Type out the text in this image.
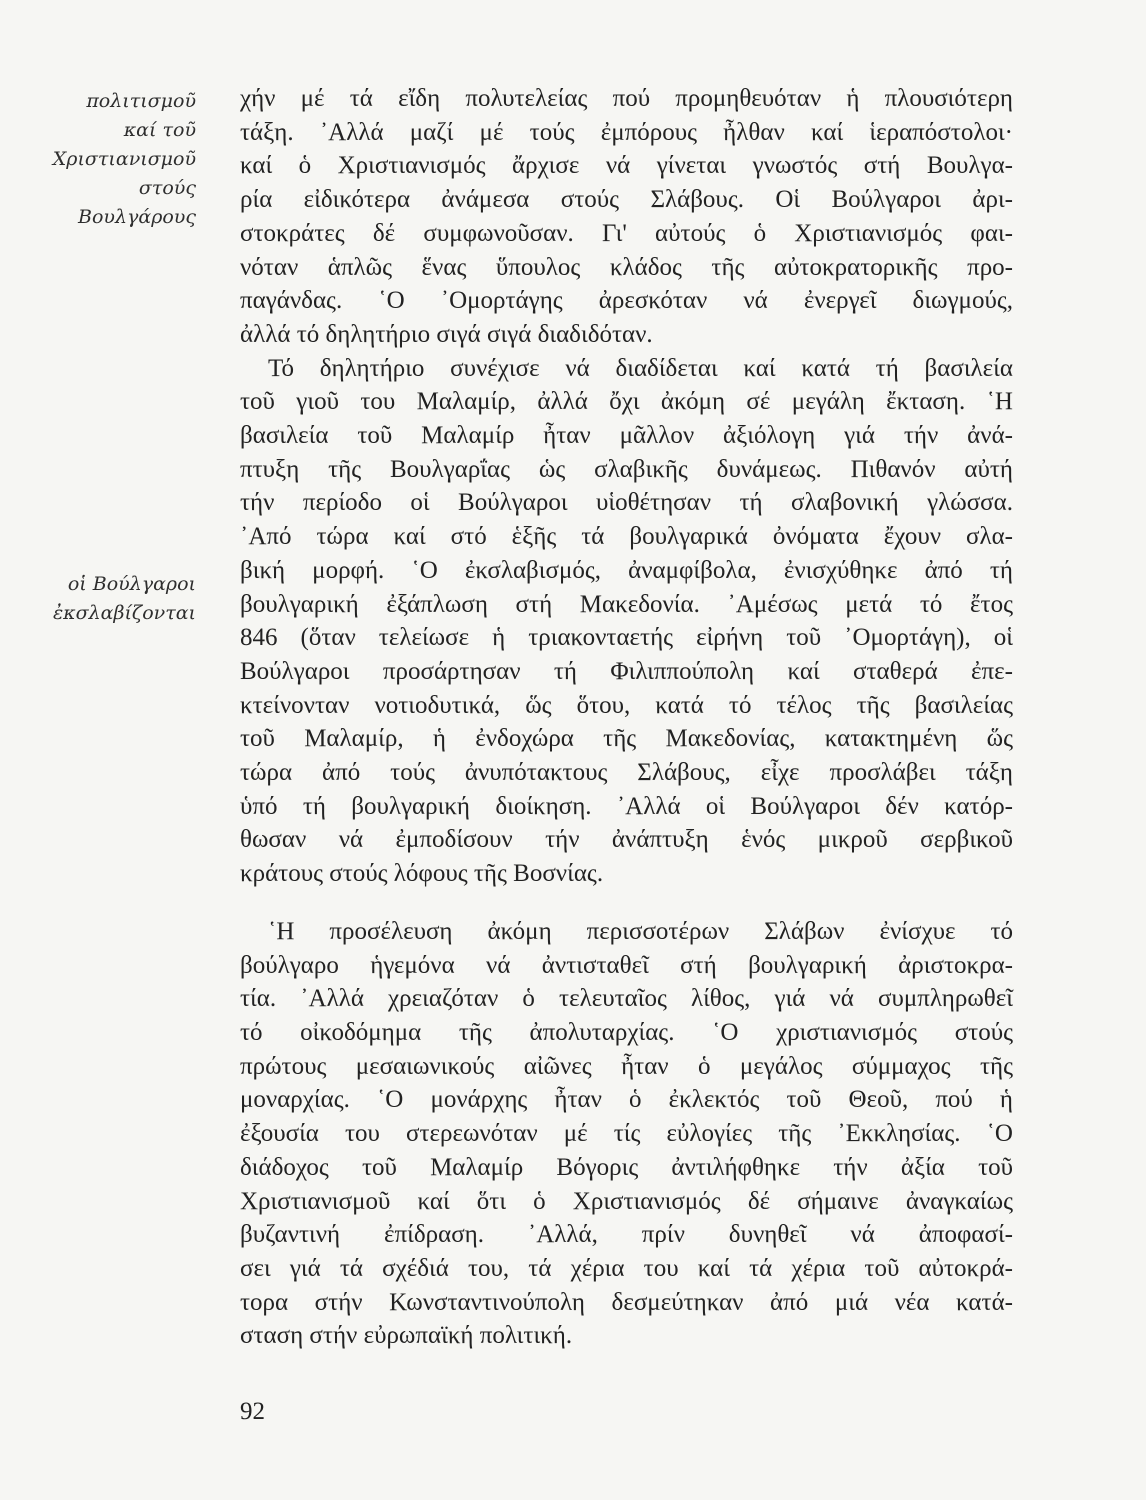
πολιτισμοῦ
καί τοῦ
Χριστιανισμοῦ
στούς
Βουλγάρους
οἱ Βούλγαροι
ἐκσλαβίζονται
χήν μέ τά εἴδη πολυτελείας πού προμηθευόταν ἡ πλουσιότερη
τάξη. ᾿Αλλά μαζί μέ τούς ἐμπόρους ἦλθαν καί ἱεραπόστολοι·
καί ὁ Χριστιανισμός ἄρχισε νά γίνεται γνωστός στή Βουλγα-
ρία εἰδικότερα ἀνάμεσα στούς Σλάβους. Οἱ Βούλγαροι ἀρι-
στοκράτες δέ συμφωνοῦσαν. Γι' αὐτούς ὁ Χριστιανισμός φαι-
νόταν ἁπλῶς ἕνας ὕπουλος κλάδος τῆς αὐτοκρατορικῆς προ-
παγάνδας. ῾Ο ᾿Ομορτάγης ἀρεσκόταν νά ἐνεργεῖ διωγμούς,
ἀλλά τό δηλητήριο σιγά σιγά διαδιδόταν.
Τό δηλητήριο συνέχισε νά διαδίδεται καί κατά τή βασιλεία
τοῦ γιοῦ του Μαλαμίρ, ἀλλά ὄχι ἀκόμη σέ μεγάλη ἔκταση. ῾Η
βασιλεία τοῦ Μαλαμίρ ἦταν μᾶλλον ἀξιόλογη γιά τήν ἀνά-
πτυξη τῆς Βουλγαρΐας ὡς σλαβικῆς δυνάμεως. Πιθανόν αὐτή
τήν περίοδο οἱ Βούλγαροι υἱοθέτησαν τή σλαβονική γλώσσα.
᾿Από τώρα καί στό ἑξῆς τά βουλγαρικά ὀνόματα ἔχουν σλα-
βική μορφή. ῾Ο ἐκσλαβισμός, ἀναμφίβολα, ἐνισχύθηκε ἀπό τή
βουλγαρική ἐξάπλωση στή Μακεδονία. ᾿Αμέσως μετά τό ἔτος
846 (ὅταν τελείωσε ἡ τριακονταετής εἰρήνη τοῦ ᾿Ομορτάγη), οἱ
Βούλγαροι προσάρτησαν τή Φιλιππούπολη καί σταθερά ἐπε-
κτείνονταν νοτιοδυτικά, ὥς ὅτου, κατά τό τέλος τῆς βασιλείας
τοῦ Μαλαμίρ, ἡ ἐνδοχώρα τῆς Μακεδονίας, κατακτημένη ὥς
τώρα ἀπό τούς ἀνυπότακτους Σλάβους, εἶχε προσλάβει τάξη
ὑπό τή βουλγαρική διοίκηση. ᾿Αλλά οἱ Βούλγαροι δέν κατόρ-
θωσαν νά ἐμποδίσουν τήν ἀνάπτυξη ἑνός μικροῦ σερβικοῦ
κράτους στούς λόφους τῆς Βοσνίας.
῾Η προσέλευση ἀκόμη περισσοτέρων Σλάβων ἐνίσχυε τό
βούλγαρο ἡγεμόνα νά ἀντισταθεῖ στή βουλγαρική ἀριστοκρα-
τία. ᾿Αλλά χρειαζόταν ὁ τελευταῖος λίθος, γιά νά συμπληρωθεῖ
τό οἰκοδόμημα τῆς ἀπολυταρχίας. ῾Ο χριστιανισμός στούς
πρώτους μεσαιωνικούς αἰῶνες ἦταν ὁ μεγάλος σύμμαχος τῆς
μοναρχίας. ῾Ο μονάρχης ἦταν ὁ ἐκλεκτός τοῦ Θεοῦ, πού ἡ
ἐξουσία του στερεωνόταν μέ τίς εὐλογίες τῆς ᾿Εκκλησίας. ῾Ο
διάδοχος τοῦ Μαλαμίρ Βόγορις ἀντιλήφθηκε τήν ἀξία τοῦ
Χριστιανισμοῦ καί ὅτι ὁ Χριστιανισμός δέ σήμαινε ἀναγκαίως
βυζαντινή ἐπίδραση. ᾿Αλλά, πρίν δυνηθεῖ νά ἀποφασί-
σει γιά τά σχέδιά του, τά χέρια του καί τά χέρια τοῦ αὐτοκρά-
τορα στήν Κωνσταντινούπολη δεσμεύτηκαν ἀπό μιά νέα κατά-
σταση στήν εὐρωπαϊκή πολιτική.
92
